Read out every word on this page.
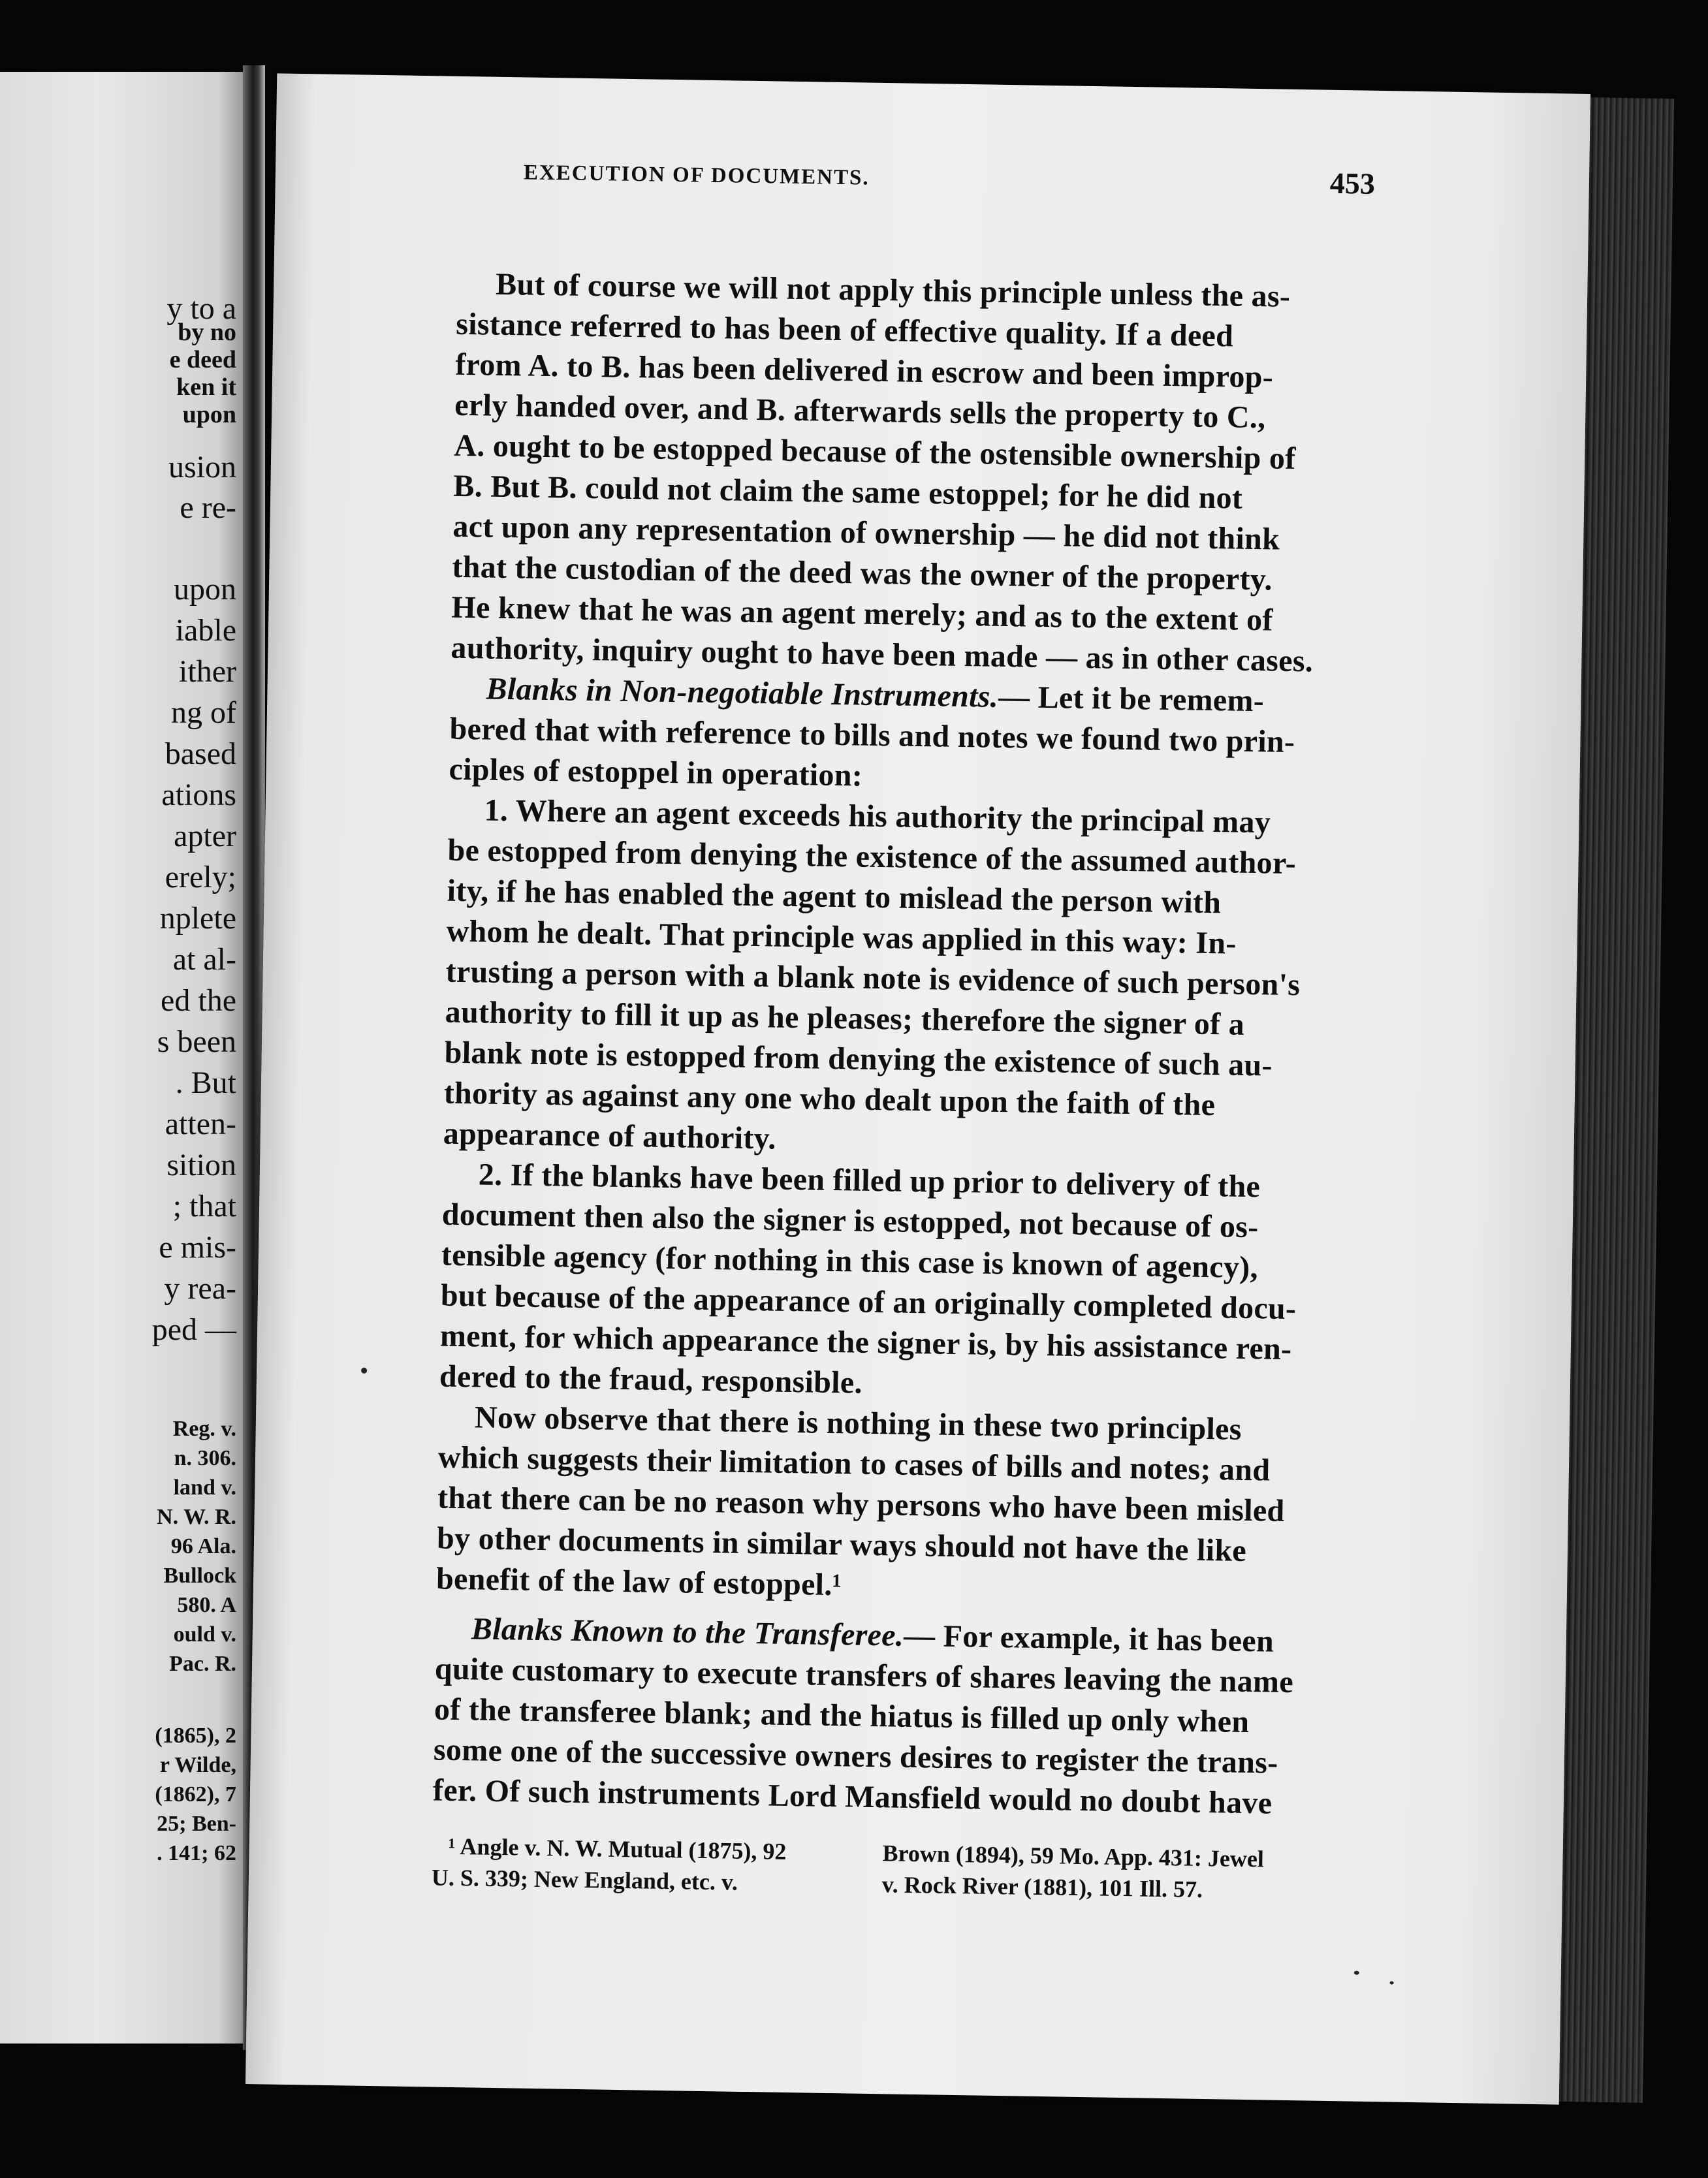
y to a
by no
e deed
ken it
upon
usion
e re-
upon
iable
ither
ng of
based
ations
apter
erely;
nplete
at al-
ed the
s been
. But
atten-
sition
; that
e mis-
y rea-
ped —
Reg. v.
n. 306.
land v.
N. W. R.
96 Ala.
Bullock
580. A
ould v.
Pac. R.
(1865), 2
r Wilde,
(1862), 7
25; Ben-
. 141; 62
EXECUTION OF DOCUMENTS.	453
But of course we will not apply this principle unless the as-
sistance referred to has been of effective quality. If a deed
from A. to B. has been delivered in escrow and been improp-
erly handed over, and B. afterwards sells the property to C.,
A. ought to be estopped because of the ostensible ownership of
B. But B. could not claim the same estoppel; for he did not
act upon any representation of ownership — he did not think
that the custodian of the deed was the owner of the property.
He knew that he was an agent merely; and as to the extent of
authority, inquiry ought to have been made — as in other cases.
Blanks in Non-negotiable Instruments.— Let it be remem-
bered that with reference to bills and notes we found two prin-
ciples of estoppel in operation:
1. Where an agent exceeds his authority the principal may
be estopped from denying the existence of the assumed author-
ity, if he has enabled the agent to mislead the person with
whom he dealt. That principle was applied in this way: In-
trusting a person with a blank note is evidence of such person's
authority to fill it up as he pleases; therefore the signer of a
blank note is estopped from denying the existence of such au-
thority as against any one who dealt upon the faith of the
appearance of authority.
2. If the blanks have been filled up prior to delivery of the
document then also the signer is estopped, not because of os-
tensible agency (for nothing in this case is known of agency),
but because of the appearance of an originally completed docu-
ment, for which appearance the signer is, by his assistance ren-
dered to the fraud, responsible.
Now observe that there is nothing in these two principles
which suggests their limitation to cases of bills and notes; and
that there can be no reason why persons who have been misled
by other documents in similar ways should not have the like
benefit of the law of estoppel.¹
Blanks Known to the Transferee.— For example, it has been
quite customary to execute transfers of shares leaving the name
of the transferee blank; and the hiatus is filled up only when
some one of the successive owners desires to register the trans-
fer. Of such instruments Lord Mansfield would no doubt have
¹ Angle v. N. W. Mutual (1875), 92
U. S. 339; New England, etc. v.
Brown (1894), 59 Mo. App. 431: Jewel
v. Rock River (1881), 101 Ill. 57.
